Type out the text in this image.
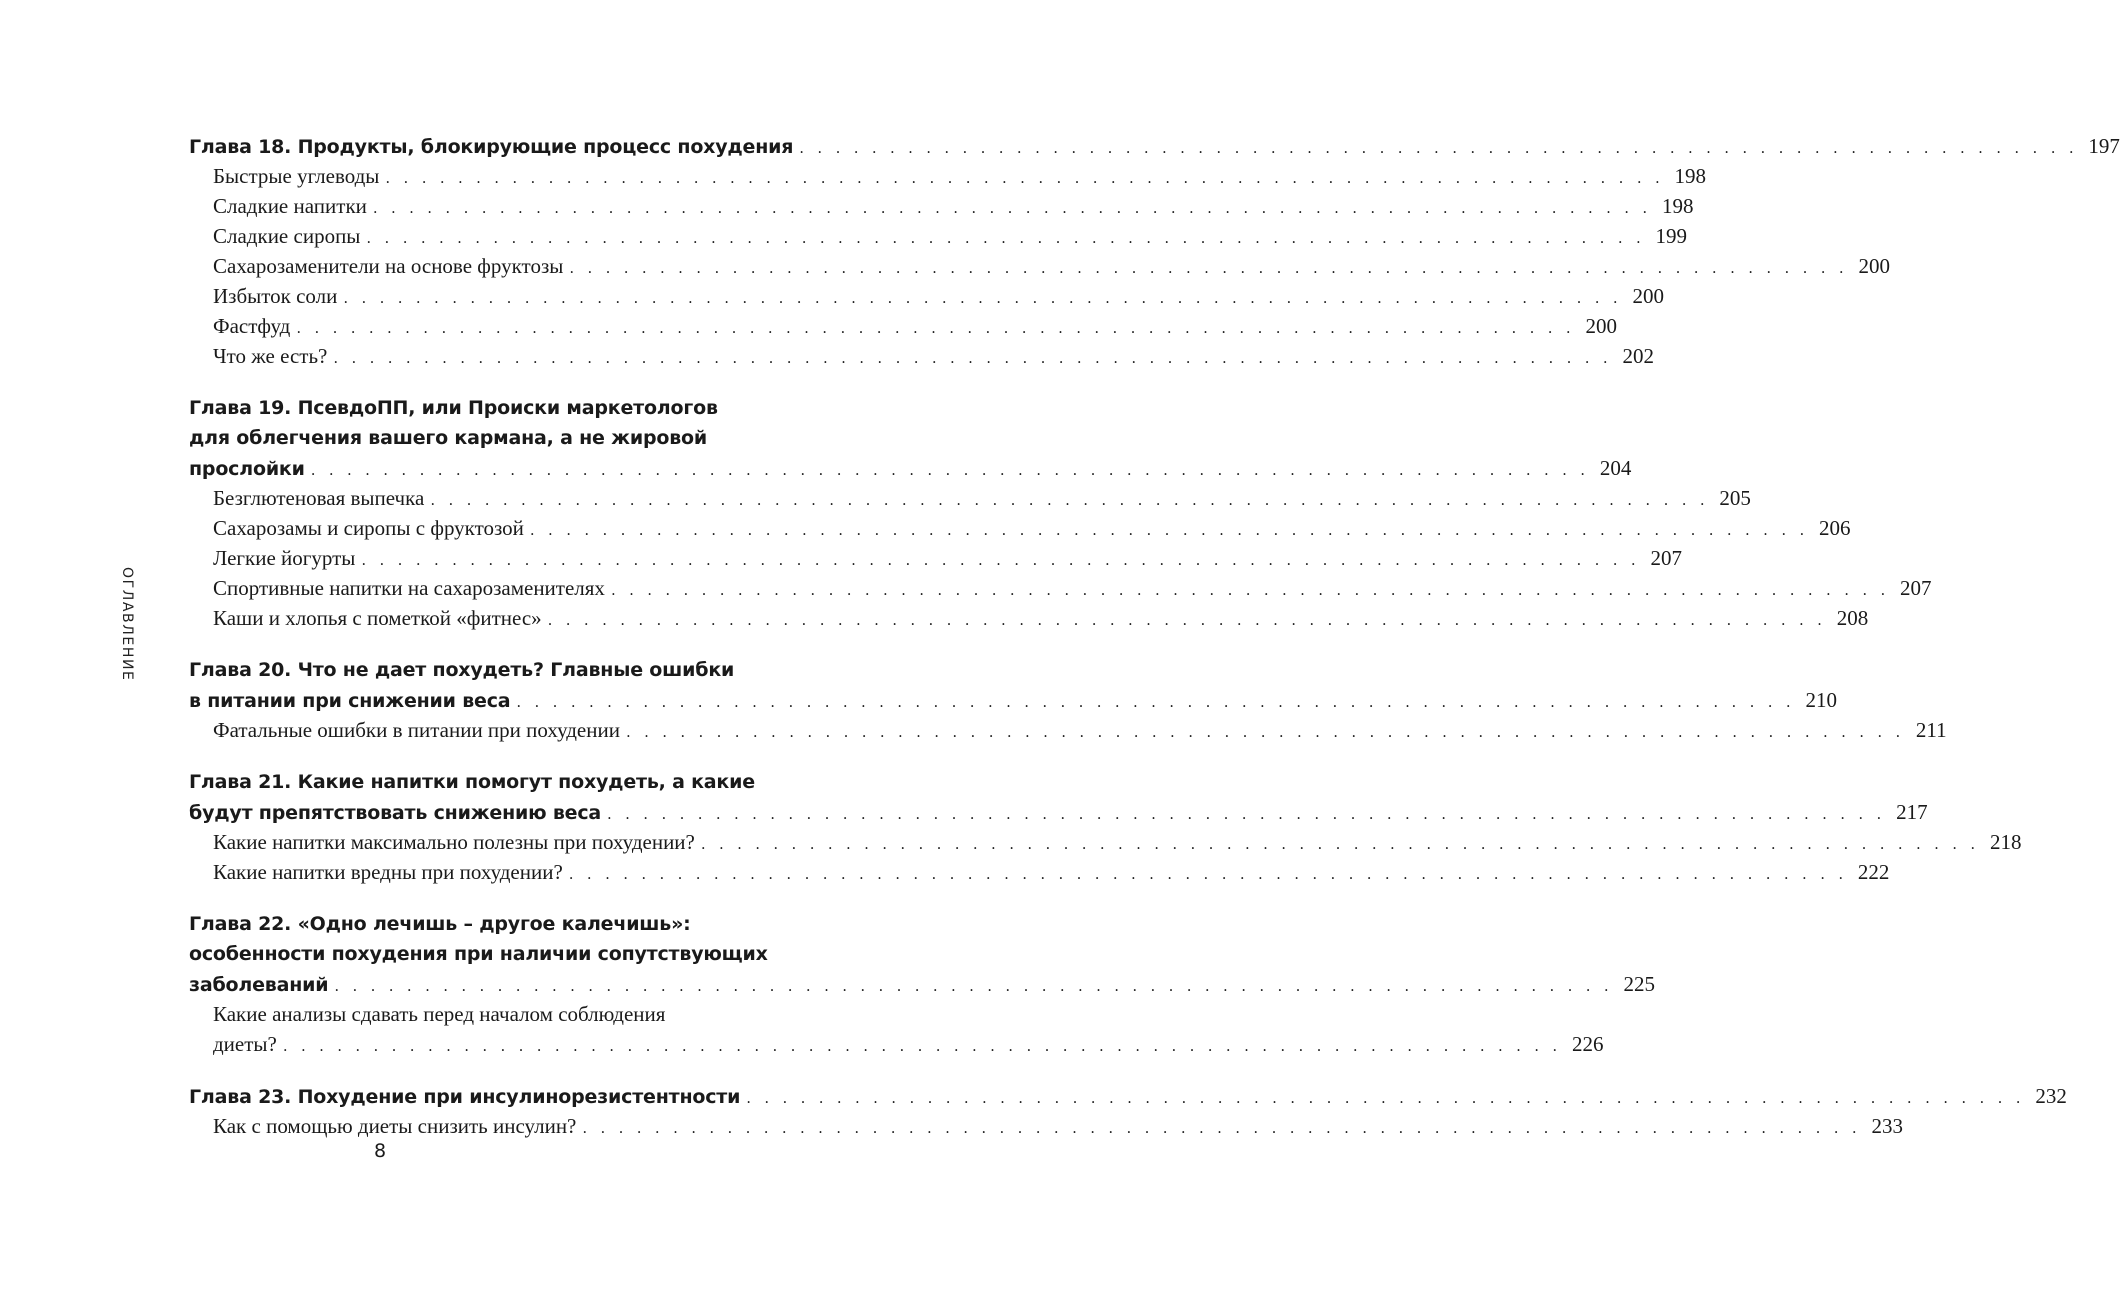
ОГЛАВЛЕНИЕ
Глава 18. Продукты, блокирующие процесс похудения . . . . . . . . . . . . . . . . . . . . . . . . . . . . . . . . . . . . . . . . . . . . . . . . . . . . . . . . . . . . . . . . . . . . . . . 197
Быстрые углеводы . . . . . . . . . . . . . . . . . . . . . . . . . . . . . . . . . . . . . . . . . . . . . . . . . . . . . . . . . . . . . . . . . . . . . . . 198
Сладкие напитки . . . . . . . . . . . . . . . . . . . . . . . . . . . . . . . . . . . . . . . . . . . . . . . . . . . . . . . . . . . . . . . . . . . . . . . 198
Сладкие сиропы . . . . . . . . . . . . . . . . . . . . . . . . . . . . . . . . . . . . . . . . . . . . . . . . . . . . . . . . . . . . . . . . . . . . . . . 199
Сахарозаменители на основе фруктозы . . . . . . . . . . . . . . . . . . . . . . . . . . . . . . . . . . . . . . . . . . . . . . . . . . . . . . . . . . . . . . . . . . . . . . . 200
Избыток соли . . . . . . . . . . . . . . . . . . . . . . . . . . . . . . . . . . . . . . . . . . . . . . . . . . . . . . . . . . . . . . . . . . . . . . . 200
Фастфуд . . . . . . . . . . . . . . . . . . . . . . . . . . . . . . . . . . . . . . . . . . . . . . . . . . . . . . . . . . . . . . . . . . . . . . . 200
Что же есть? . . . . . . . . . . . . . . . . . . . . . . . . . . . . . . . . . . . . . . . . . . . . . . . . . . . . . . . . . . . . . . . . . . . . . . . 202
Глава 19. ПсевдоПП, или Происки маркетологов
для облегчения вашего кармана, а не жировой
прослойки . . . . . . . . . . . . . . . . . . . . . . . . . . . . . . . . . . . . . . . . . . . . . . . . . . . . . . . . . . . . . . . . . . . . . . . 204
Безглютеновая выпечка . . . . . . . . . . . . . . . . . . . . . . . . . . . . . . . . . . . . . . . . . . . . . . . . . . . . . . . . . . . . . . . . . . . . . . . 205
Сахарозамы и сиропы с фруктозой . . . . . . . . . . . . . . . . . . . . . . . . . . . . . . . . . . . . . . . . . . . . . . . . . . . . . . . . . . . . . . . . . . . . . . . 206
Легкие йогурты . . . . . . . . . . . . . . . . . . . . . . . . . . . . . . . . . . . . . . . . . . . . . . . . . . . . . . . . . . . . . . . . . . . . . . . 207
Спортивные напитки на сахарозаменителях . . . . . . . . . . . . . . . . . . . . . . . . . . . . . . . . . . . . . . . . . . . . . . . . . . . . . . . . . . . . . . . . . . . . . . . 207
Каши и хлопья с пометкой «фитнес» . . . . . . . . . . . . . . . . . . . . . . . . . . . . . . . . . . . . . . . . . . . . . . . . . . . . . . . . . . . . . . . . . . . . . . . 208
Глава 20. Что не дает похудеть? Главные ошибки
в питании при снижении веса . . . . . . . . . . . . . . . . . . . . . . . . . . . . . . . . . . . . . . . . . . . . . . . . . . . . . . . . . . . . . . . . . . . . . . . 210
Фатальные ошибки в питании при похудении . . . . . . . . . . . . . . . . . . . . . . . . . . . . . . . . . . . . . . . . . . . . . . . . . . . . . . . . . . . . . . . . . . . . . . . 211
Глава 21. Какие напитки помогут похудеть, а какие
будут препятствовать снижению веса . . . . . . . . . . . . . . . . . . . . . . . . . . . . . . . . . . . . . . . . . . . . . . . . . . . . . . . . . . . . . . . . . . . . . . . 217
Какие напитки максимально полезны при похудении? . . . . . . . . . . . . . . . . . . . . . . . . . . . . . . . . . . . . . . . . . . . . . . . . . . . . . . . . . . . . . . . . . . . . . . . 218
Какие напитки вредны при похудении? . . . . . . . . . . . . . . . . . . . . . . . . . . . . . . . . . . . . . . . . . . . . . . . . . . . . . . . . . . . . . . . . . . . . . . . 222
Глава 22. «Одно лечишь – другое калечишь»:
особенности похудения при наличии сопутствующих
заболеваний . . . . . . . . . . . . . . . . . . . . . . . . . . . . . . . . . . . . . . . . . . . . . . . . . . . . . . . . . . . . . . . . . . . . . . . 225
Какие анализы сдавать перед началом соблюдения
диеты? . . . . . . . . . . . . . . . . . . . . . . . . . . . . . . . . . . . . . . . . . . . . . . . . . . . . . . . . . . . . . . . . . . . . . . . 226
Глава 23. Похудение при инсулинорезистентности . . . . . . . . . . . . . . . . . . . . . . . . . . . . . . . . . . . . . . . . . . . . . . . . . . . . . . . . . . . . . . . . . . . . . . . 232
Как с помощью диеты снизить инсулин? . . . . . . . . . . . . . . . . . . . . . . . . . . . . . . . . . . . . . . . . . . . . . . . . . . . . . . . . . . . . . . . . . . . . . . . 233
8
